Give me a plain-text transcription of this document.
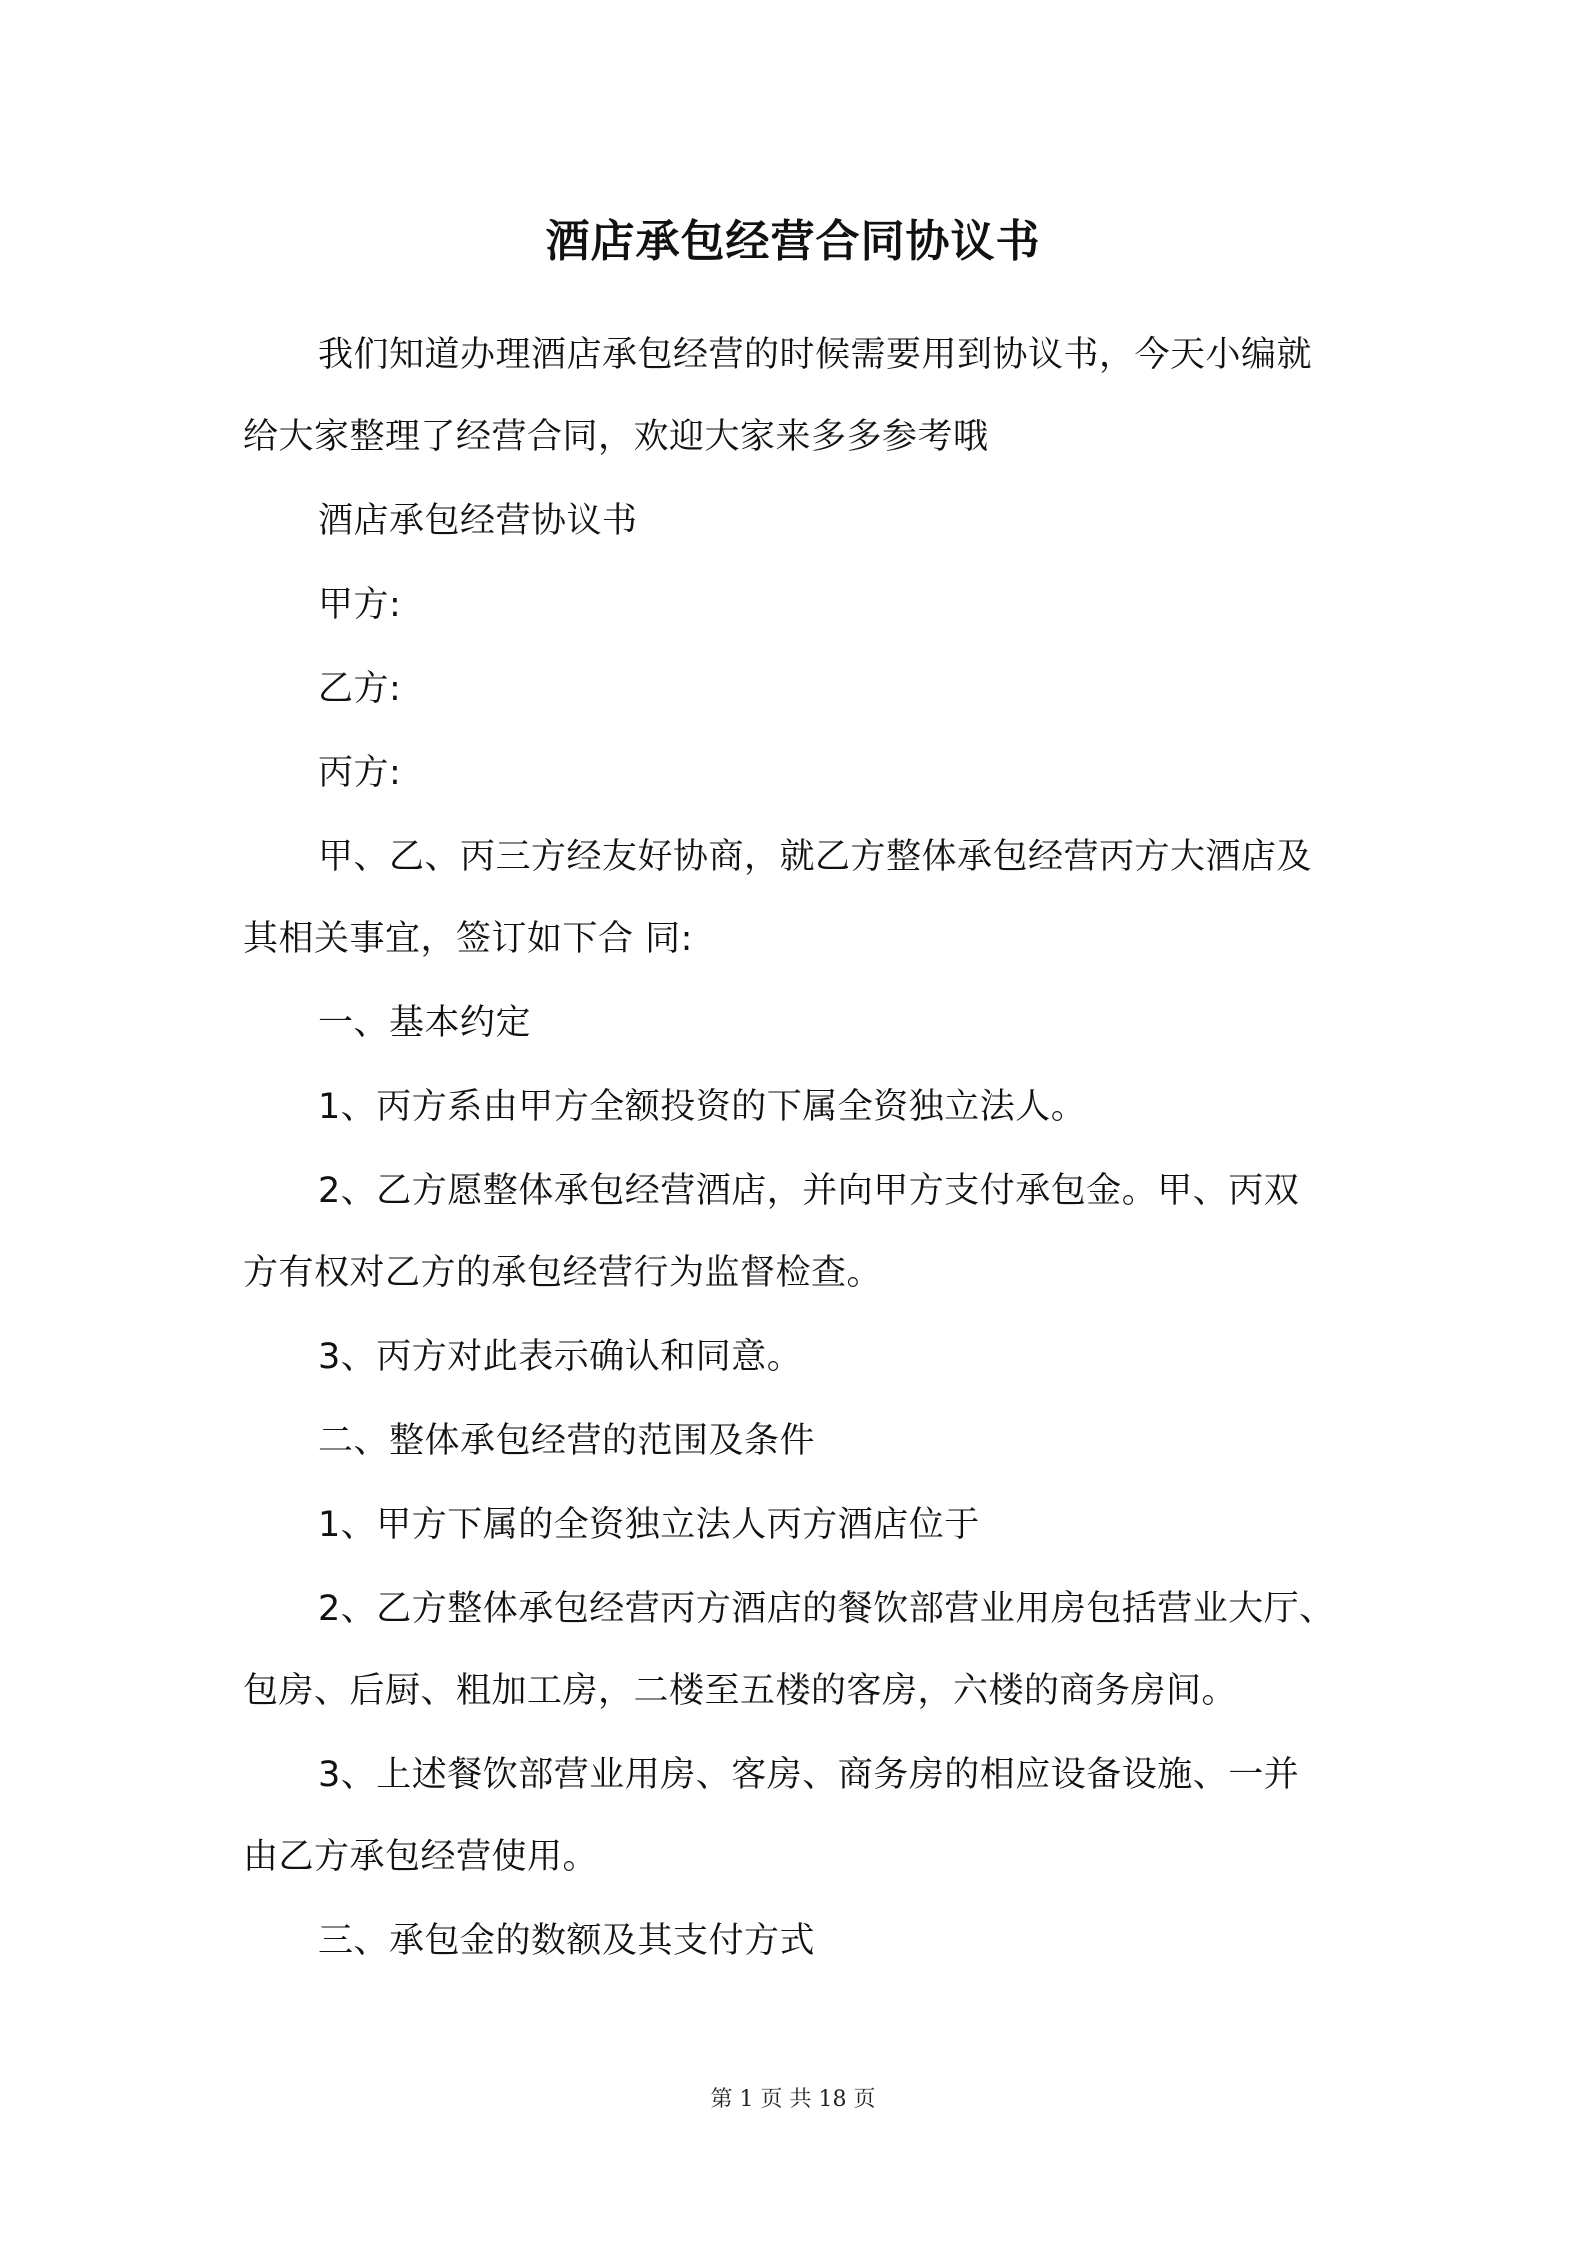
酒店承包经营合同协议书
我们知道办理酒店承包经营的时候需要用到协议书，今天小编就
给大家整理了经营合同，欢迎大家来多多参考哦
酒店承包经营协议书
甲方:
乙方:
丙方:
甲、乙、丙三方经友好协商，就乙方整体承包经营丙方大酒店及
其相关事宜，签订如下合 同:
一、基本约定
1、丙方系由甲方全额投资的下属全资独立法人。
2、乙方愿整体承包经营酒店，并向甲方支付承包金。甲、丙双
方有权对乙方的承包经营行为监督检查。
3、丙方对此表示确认和同意。
二、整体承包经营的范围及条件
1、甲方下属的全资独立法人丙方酒店位于
2、乙方整体承包经营丙方酒店的餐饮部营业用房包括营业大厅、
包房、后厨、粗加工房，二楼至五楼的客房，六楼的商务房间。
3、上述餐饮部营业用房、客房、商务房的相应设备设施、一并
由乙方承包经营使用。
三、承包金的数额及其支付方式
第 1 页 共 18 页
